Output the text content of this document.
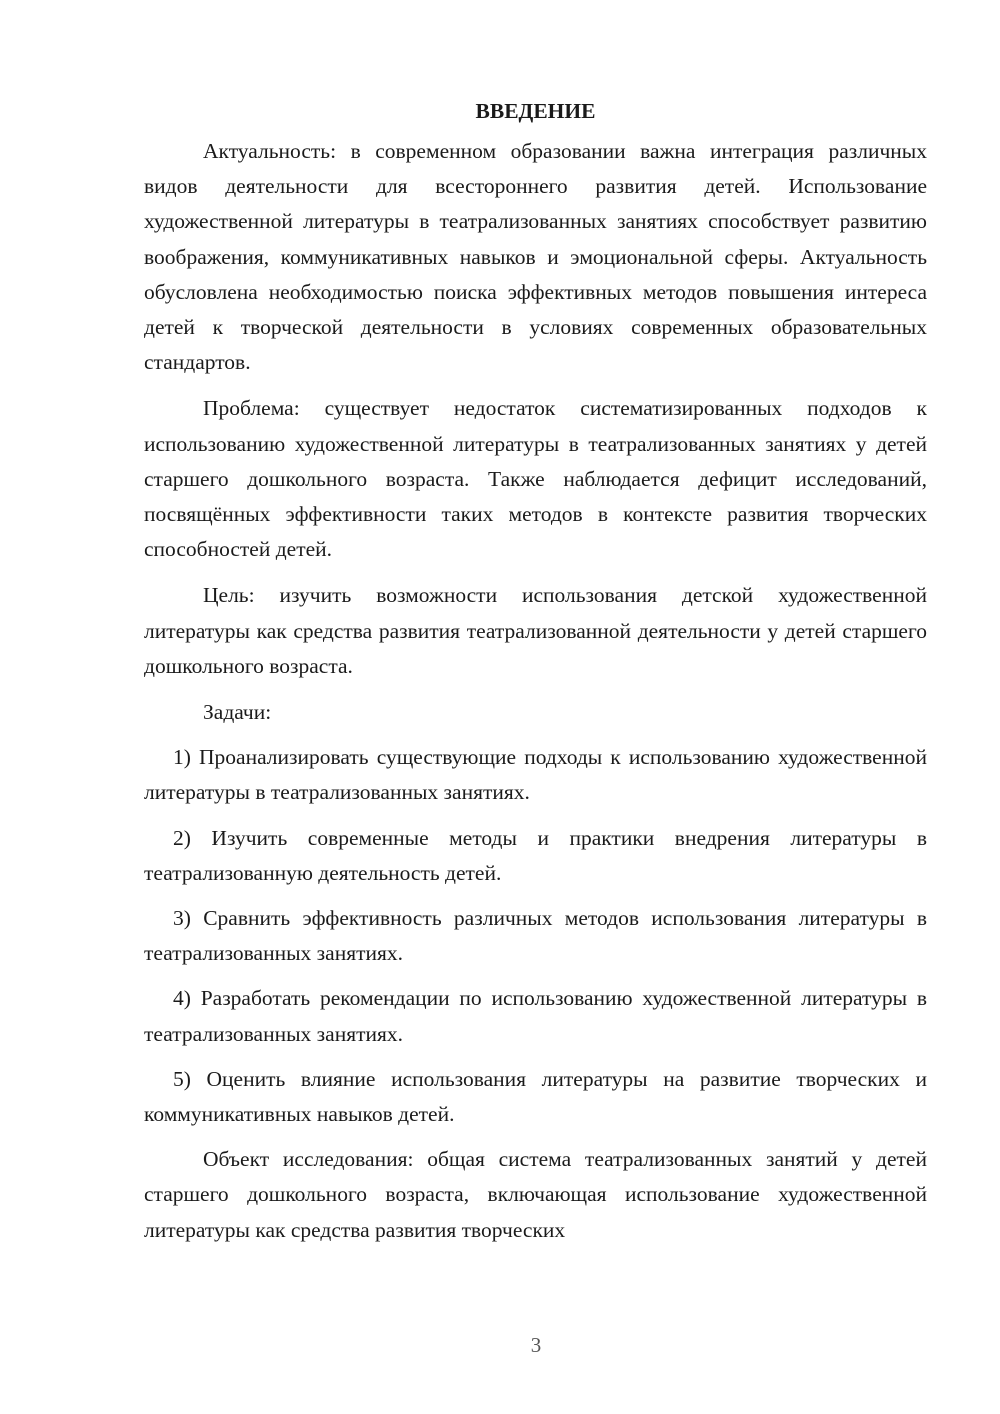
ВВЕДЕНИЕ

Актуальность: в современном образовании важна интеграция различных видов деятельности для всестороннего развития детей. Использование художественной литературы в театрализованных занятиях способствует развитию воображения, коммуникативных навыков и эмоциональной сферы. Актуальность обусловлена необходимостью поиска эффективных методов повышения интереса детей к творческой деятельности в условиях современных образовательных стандартов.

Проблема: существует недостаток систематизированных подходов к использованию художественной литературы в театрализованных занятиях у детей старшего дошкольного возраста. Также наблюдается дефицит исследований, посвящённых эффективности таких методов в контексте развития творческих способностей детей.

Цель: изучить возможности использования детской художественной литературы как средства развития театрализованной деятельности у детей старшего дошкольного возраста.

Задачи:

1) Проанализировать существующие подходы к использованию художественной литературы в театрализованных занятиях.

2) Изучить современные методы и практики внедрения литературы в театрализованную деятельность детей.

3) Сравнить эффективность различных методов использования литературы в театрализованных занятиях.

4) Разработать рекомендации по использованию художественной литературы в театрализованных занятиях.

5) Оценить влияние использования литературы на развитие творческих и коммуникативных навыков детей.

Объект исследования: общая система театрализованных занятий у детей старшего дошкольного возраста, включающая использование художественной литературы как средства развития творческих

3
